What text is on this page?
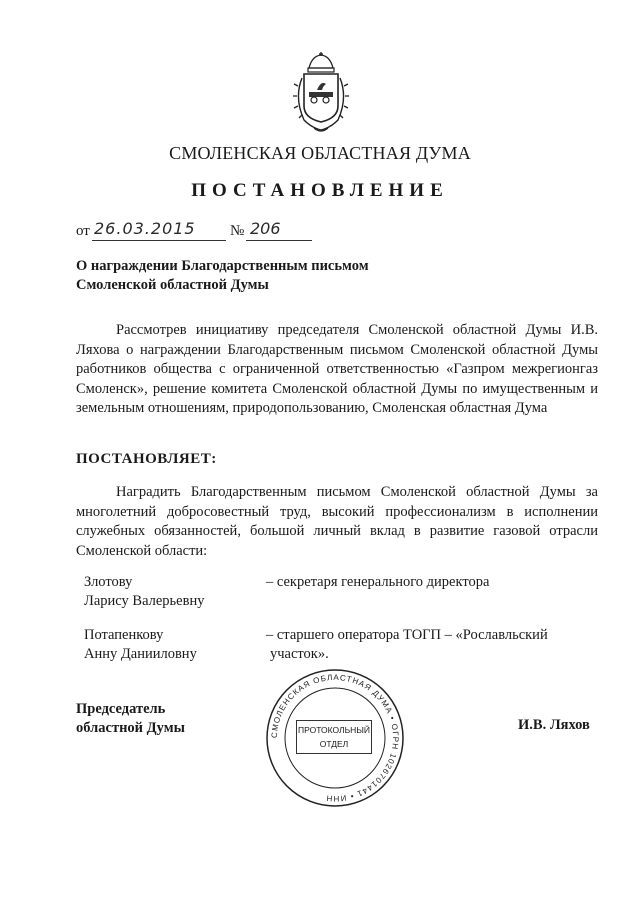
СМОЛЕНСКАЯ ОБЛАСТНАЯ ДУМА
ПОСТАНОВЛЕНИЕ
от 26.03.2015	№ 206
О награждении Благодарственным письмом
Смоленской областной Думы
Рассмотрев инициативу председателя Смоленской областной Думы И.В. Ляхова о награждении Благодарственным письмом Смоленской областной Думы работников общества с ограниченной ответственностью «Газпром межрегионгаз Смоленск», решение комитета Смоленской областной Думы по имущественным и земельным отношениям, природопользованию, Смоленская областная Дума
ПОСТАНОВЛЯЕТ:
Наградить Благодарственным письмом Смоленской областной Думы за многолетний добросовестный труд, высокий профессионализм в исполнении служебных обязанностей, большой личный вклад в развитие газовой отрасли Смоленской области:
Злотову
Ларису Валерьевну
– секретаря генерального директора
Потапенкову
Анну Данииловну
– старшего оператора ТОГП – «Рославльский
участок».
Председатель
областной Думы	СМОЛЕНСКАЯ ОБЛАСТНАЯ ДУМА • ОГРН 1026701441 • ИНН
ПРОТОКОЛЬНЫЙ
ОТДЕЛ
И.В. Ляхов
